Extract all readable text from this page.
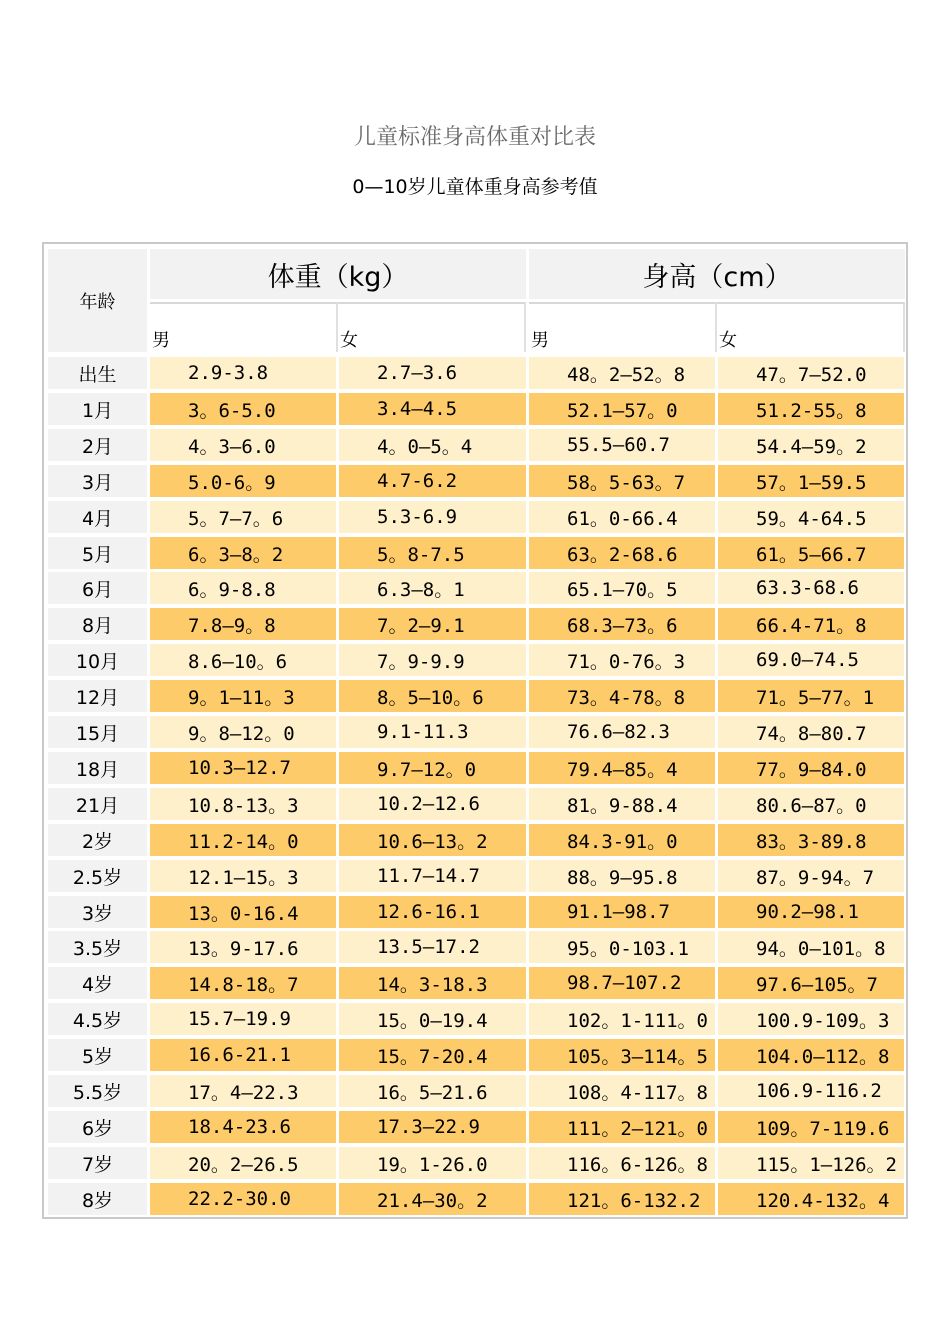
儿童标准身高体重对比表
0—10岁儿童体重身高参考值
年龄
体重（kg）	身高（cm）
男	女	男	女
出生	2.9-3.8	2.7—3.6	48。2—52。8	47。7—52.0
1月	3。6-5.0	3.4—4.5	52.1—57。0	51.2-55。8
2月	4。3—6.0	4。0—5。4	55.5—60.7	54.4—59。2
3月	5.0-6。9	4.7-6.2	58。5-63。7	57。1—59.5
4月	5。7—7。6	5.3-6.9	61。0-66.4	59。4-64.5
5月	6。3—8。2	5。8-7.5	63。2-68.6	61。5—66.7
6月	6。9-8.8	6.3—8。1	65.1—70。5	63.3-68.6
8月	7.8—9。8	7。2—9.1	68.3—73。6	66.4-71。8
10月	8.6—10。6	7。9-9.9	71。0-76。3	69.0—74.5
12月	9。1—11。3	8。5—10。6	73。4-78。8	71。5—77。1
15月	9。8—12。0	9.1-11.3	76.6—82.3	74。8—80.7
18月	10.3—12.7	9.7—12。0	79.4—85。4	77。9—84.0
21月	10.8-13。3	10.2—12.6	81。9-88.4	80.6—87。0
2岁	11.2-14。0	10.6—13。2	84.3-91。0	83。3-89.8
2.5岁	12.1—15。3	11.7—14.7	88。9—95.8	87。9-94。7
3岁	13。0-16.4	12.6-16.1	91.1—98.7	90.2—98.1
3.5岁	13。9-17.6	13.5—17.2	95。0-103.1	94。0—101。8
4岁	14.8-18。7	14。3-18.3	98.7—107.2	97.6—105。7
4.5岁	15.7—19.9	15。0—19.4	102。1-111。0	100.9-109。3
5岁	16.6-21.1	15。7-20.4	105。3—114。5	104.0—112。8
5.5岁	17。4—22.3	16。5—21.6	108。4-117。8	106.9-116.2
6岁	18.4-23.6	17.3—22.9	111。2—121。0	109。7-119.6
7岁	20。2—26.5	19。1-26.0	116。6-126。8	115。1—126。2
8岁	22.2-30.0	21.4—30。2	121。6-132.2	120.4-132。4
